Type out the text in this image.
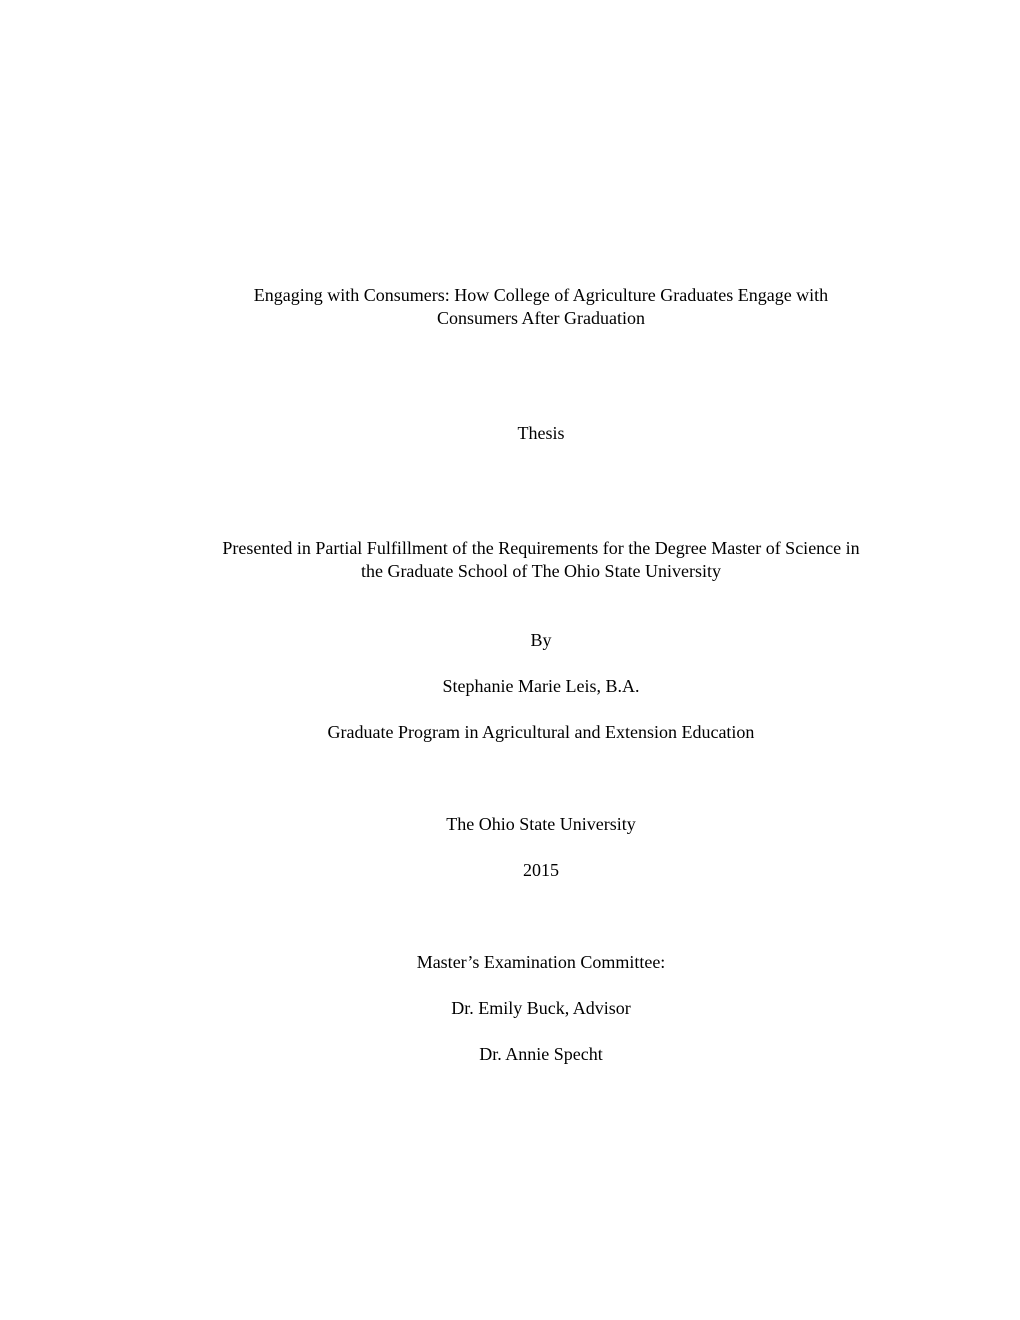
Engaging with Consumers: How College of Agriculture Graduates Engage with
Consumers After Graduation
Thesis
Presented in Partial Fulfillment of the Requirements for the Degree Master of Science in
the Graduate School of The Ohio State University
By
Stephanie Marie Leis, B.A.
Graduate Program in Agricultural and Extension Education
The Ohio State University
2015
Master’s Examination Committee:
Dr. Emily Buck, Advisor
Dr. Annie Specht
